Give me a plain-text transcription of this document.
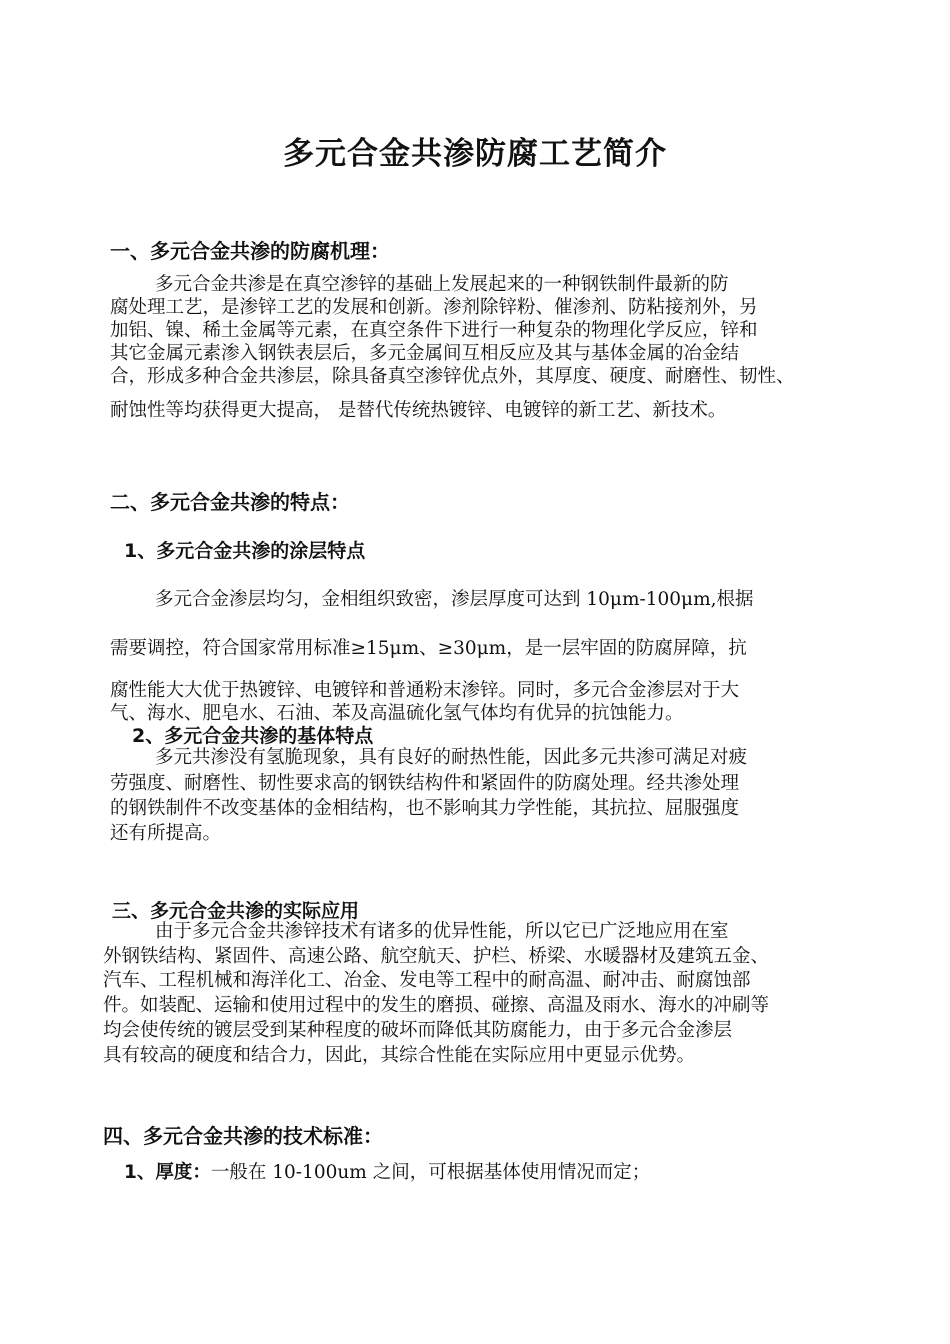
多元合金共渗防腐工艺简介
一、多元合金共渗的防腐机理：
多元合金共渗是在真空渗锌的基础上发展起来的一种钢铁制件最新的防
腐处理工艺，是渗锌工艺的发展和创新。渗剂除锌粉、催渗剂、防粘接剂外，另
加铝、镍、稀土金属等元素，在真空条件下进行一种复杂的物理化学反应，锌和
其它金属元素渗入钢铁表层后，多元金属间互相反应及其与基体金属的冶金结
合，形成多种合金共渗层，除具备真空渗锌优点外，其厚度、硬度、耐磨性、韧性、
耐蚀性等均获得更大提高， 是替代传统热镀锌、电镀锌的新工艺、新技术。
二、多元合金共渗的特点：
1、多元合金共渗的涂层特点
多元合金渗层均匀，金相组织致密，渗层厚度可达到 10μm-100μm,根据
需要调控，符合国家常用标准≥15μm、≥30μm，是一层牢固的防腐屏障，抗
腐性能大大优于热镀锌、电镀锌和普通粉末渗锌。同时，多元合金渗层对于大
气、海水、肥皂水、石油、苯及高温硫化氢气体均有优异的抗蚀能力。
2、多元合金共渗的基体特点
多元共渗没有氢脆现象，具有良好的耐热性能，因此多元共渗可满足对疲
劳强度、耐磨性、韧性要求高的钢铁结构件和紧固件的防腐处理。经共渗处理
的钢铁制件不改变基体的金相结构，也不影响其力学性能，其抗拉、屈服强度
还有所提高。
三、多元合金共渗的实际应用
由于多元合金共渗锌技术有诸多的优异性能，所以它已广泛地应用在室
外钢铁结构、紧固件、高速公路、航空航天、护栏、桥梁、水暖器材及建筑五金、
汽车、工程机械和海洋化工、冶金、发电等工程中的耐高温、耐冲击、耐腐蚀部
件。如装配、运输和使用过程中的发生的磨损、碰擦、高温及雨水、海水的冲刷等
均会使传统的镀层受到某种程度的破坏而降低其防腐能力，由于多元合金渗层
具有较高的硬度和结合力，因此，其综合性能在实际应用中更显示优势。
四、多元合金共渗的技术标准：
1、厚度：一般在 10-100um 之间，可根据基体使用情况而定；
